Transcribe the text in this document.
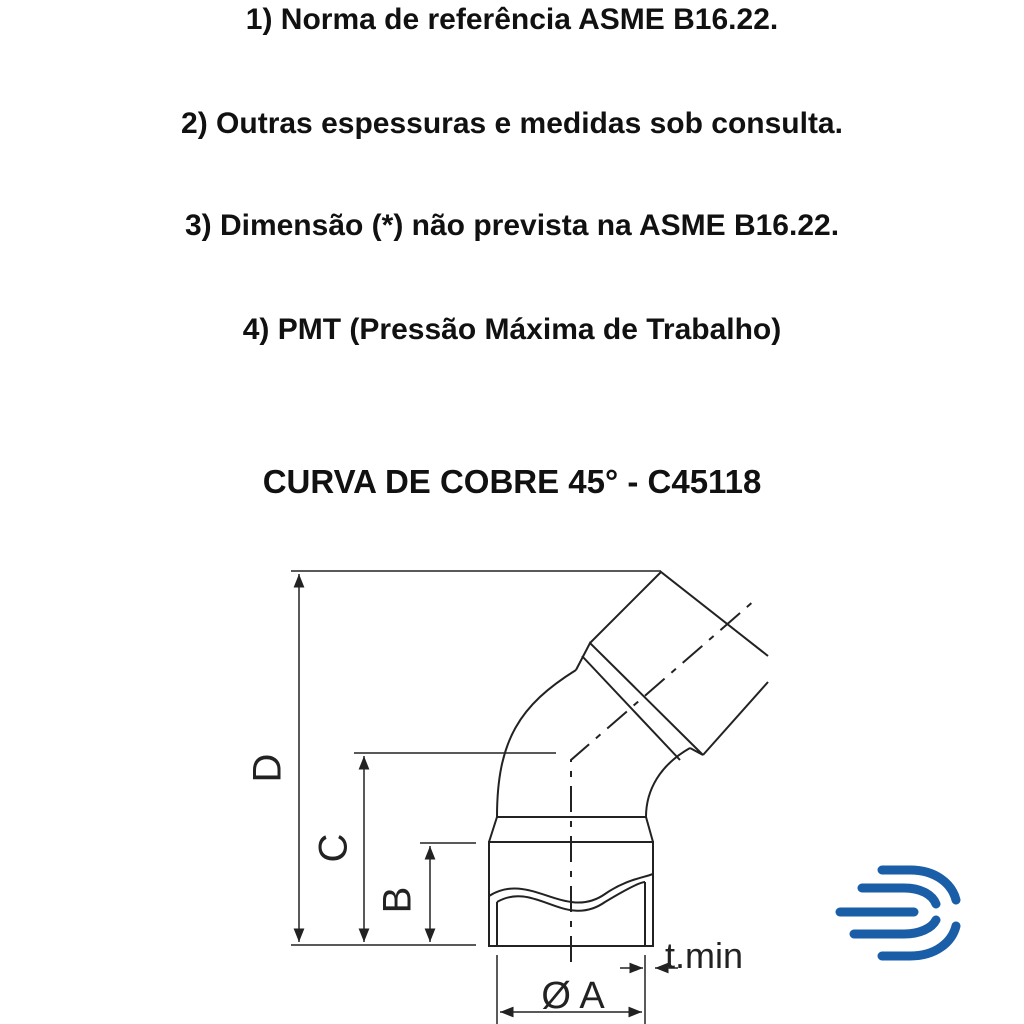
1) Norma de referência ASME B16.22.

2) Outras espessuras e medidas sob consulta.

3) Dimensão (*) não prevista na ASME B16.22.

4) PMT (Pressão Máxima de Trabalho)

CURVA DE COBRE 45° - C45118
D
C
B
Ø A
t.min
